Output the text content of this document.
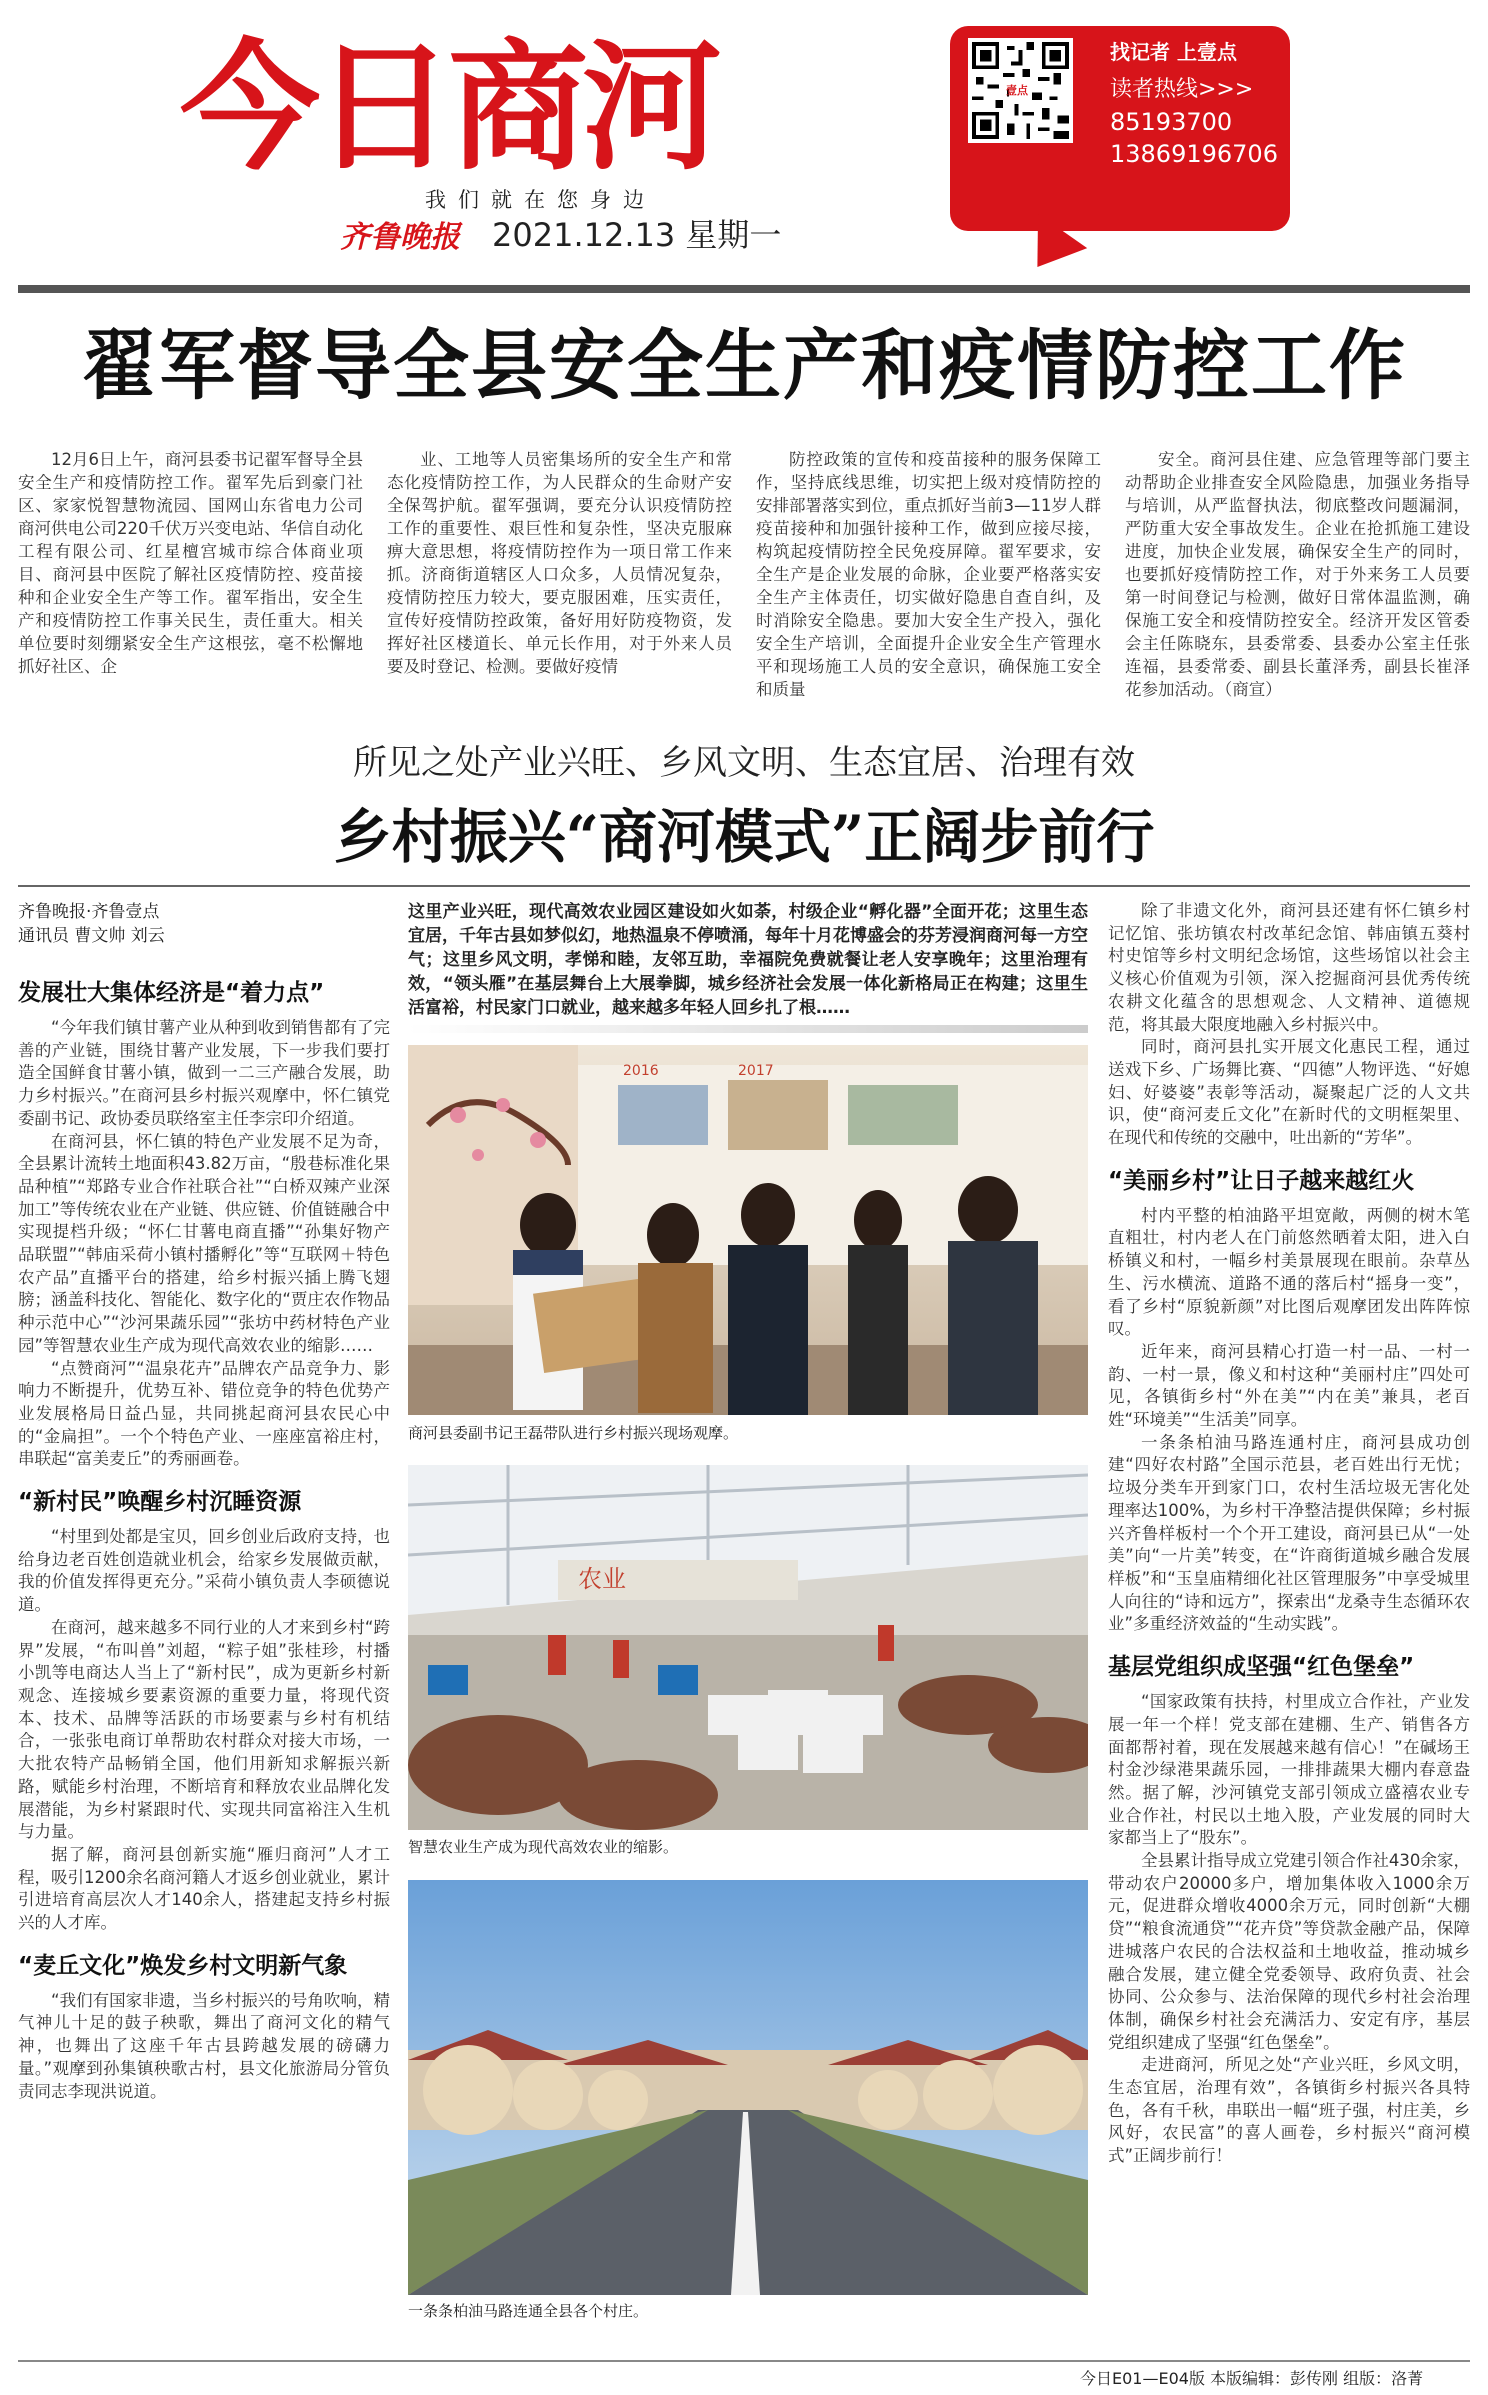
今日商河
我们就在您身边
齐鲁晚报 2021.12.13 星期一
壹点
找记者 上壹点
读者热线>>>
85193700
13869196706
翟军督导全县安全生产和疫情防控工作

12月6日上午，商河县委书记翟军督导全县安全生产和疫情防控工作。翟军先后到豪门社区、家家悦智慧物流园、国网山东省电力公司商河供电公司220千伏万兴变电站、华信自动化工程有限公司、红星檀宫城市综合体商业项目、商河县中医院了解社区疫情防控、疫苗接种和企业安全生产等工作。翟军指出，安全生产和疫情防控工作事关民生，责任重大。相关单位要时刻绷紧安全生产这根弦，毫不松懈地抓好社区、企

业、工地等人员密集场所的安全生产和常态化疫情防控工作，为人民群众的生命财产安全保驾护航。翟军强调，要充分认识疫情防控工作的重要性、艰巨性和复杂性，坚决克服麻痹大意思想，将疫情防控作为一项日常工作来抓。济商街道辖区人口众多，人员情况复杂，疫情防控压力较大，要克服困难，压实责任，宣传好疫情防控政策，备好用好防疫物资，发挥好社区楼道长、单元长作用，对于外来人员要及时登记、检测。要做好疫情

防控政策的宣传和疫苗接种的服务保障工作，坚持底线思维，切实把上级对疫情防控的安排部署落实到位，重点抓好当前3—11岁人群疫苗接种和加强针接种工作，做到应接尽接，构筑起疫情防控全民免疫屏障。翟军要求，安全生产是企业发展的命脉，企业要严格落实安全生产主体责任，切实做好隐患自查自纠，及时消除安全隐患。要加大安全生产投入，强化安全生产培训，全面提升企业安全生产管理水平和现场施工人员的安全意识，确保施工安全和质量

安全。商河县住建、应急管理等部门要主动帮助企业排查安全风险隐患，加强业务指导与培训，从严监督执法，彻底整改问题漏洞，严防重大安全事故发生。企业在抢抓施工建设进度，加快企业发展，确保安全生产的同时，也要抓好疫情防控工作，对于外来务工人员要第一时间登记与检测，做好日常体温监测，确保施工安全和疫情防控安全。经济开发区管委会主任陈晓东，县委常委、县委办公室主任张连福，县委常委、副县长董泽秀，副县长崔泽花参加活动。（商宣）

所见之处产业兴旺、乡风文明、生态宜居、治理有效
乡村振兴“商河模式”正阔步前行
齐鲁晚报·齐鲁壹点
通讯员 曹文帅 刘云
发展壮大集体经济是“着力点”

“今年我们镇甘薯产业从种到收到销售都有了完善的产业链，围绕甘薯产业发展，下一步我们要打造全国鲜食甘薯小镇，做到一二三产融合发展，助力乡村振兴。”在商河县乡村振兴观摩中，怀仁镇党委副书记、政协委员联络室主任李宗印介绍道。

在商河县，怀仁镇的特色产业发展不足为奇，全县累计流转土地面积43.82万亩，“殷巷标准化果品种植”“郑路专业合作社联合社”“白桥双辣产业深加工”等传统农业在产业链、供应链、价值链融合中实现提档升级；“怀仁甘薯电商直播”“孙集好物产品联盟”“韩庙采荷小镇村播孵化”等“互联网＋特色农产品”直播平台的搭建，给乡村振兴插上腾飞翅膀；涵盖科技化、智能化、数字化的“贾庄农作物品种示范中心”“沙河果蔬乐园”“张坊中药材特色产业园”等智慧农业生产成为现代高效农业的缩影……

“点赞商河”“温泉花卉”品牌农产品竞争力、影响力不断提升，优势互补、错位竞争的特色优势产业发展格局日益凸显，共同挑起商河县农民心中的“金扁担”。一个个特色产业、一座座富裕庄村，串联起“富美麦丘”的秀丽画卷。

“新村民”唤醒乡村沉睡资源

“村里到处都是宝贝，回乡创业后政府支持，也给身边老百姓创造就业机会，给家乡发展做贡献，我的价值发挥得更充分。”采荷小镇负责人李硕德说道。

在商河，越来越多不同行业的人才来到乡村“跨界”发展，“布叫兽”刘超，“粽子姐”张桂珍，村播小凯等电商达人当上了“新村民”，成为更新乡村新观念、连接城乡要素资源的重要力量，将现代资本、技术、品牌等活跃的市场要素与乡村有机结合，一张张电商订单帮助农村群众对接大市场，一大批农特产品畅销全国，他们用新知求解振兴新路，赋能乡村治理，不断培育和释放农业品牌化发展潜能，为乡村紧跟时代、实现共同富裕注入生机与力量。

据了解，商河县创新实施“雁归商河”人才工程，吸引1200余名商河籍人才返乡创业就业，累计引进培育高层次人才140余人，搭建起支持乡村振兴的人才库。

“麦丘文化”焕发乡村文明新气象

“我们有国家非遗，当乡村振兴的号角吹响，精气神儿十足的鼓子秧歌，舞出了商河文化的精气神，也舞出了这座千年古县跨越发展的磅礴力量。”观摩到孙集镇秧歌古村，县文化旅游局分管负责同志李现洪说道。

这里产业兴旺，现代高效农业园区建设如火如荼，村级企业“孵化器”全面开花；这里生态宜居，千年古县如梦似幻，地热温泉不停喷涌，每年十月花博盛会的芬芳浸润商河每一方空气；这里乡风文明，孝悌和睦，友邻互助，幸福院免费就餐让老人安享晚年；这里治理有效，“领头雁”在基层舞台上大展拳脚，城乡经济社会发展一体化新格局正在构建；这里生活富裕，村民家门口就业，越来越多年轻人回乡扎了根……
2016	2017
商河县委副书记王磊带队进行乡村振兴现场观摩。
农业
智慧农业生产成为现代高效农业的缩影。
一条条柏油马路连通全县各个村庄。

除了非遗文化外，商河县还建有怀仁镇乡村记忆馆、张坊镇农村改革纪念馆、韩庙镇五葵村村史馆等乡村文明纪念场馆，这些场馆以社会主义核心价值观为引领，深入挖掘商河县优秀传统农耕文化蕴含的思想观念、人文精神、道德规范，将其最大限度地融入乡村振兴中。

同时，商河县扎实开展文化惠民工程，通过送戏下乡、广场舞比赛、“四德”人物评选、“好媳妇、好婆婆”表彰等活动，凝聚起广泛的人文共识，使“商河麦丘文化”在新时代的文明框架里、在现代和传统的交融中，吐出新的“芳华”。

“美丽乡村”让日子越来越红火

村内平整的柏油路平坦宽敞，两侧的树木笔直粗壮，村内老人在门前悠然晒着太阳，进入白桥镇义和村，一幅乡村美景展现在眼前。杂草丛生、污水横流、道路不通的落后村“摇身一变”，看了乡村“原貌新颜”对比图后观摩团发出阵阵惊叹。

近年来，商河县精心打造一村一品、一村一韵、一村一景，像义和村这种“美丽村庄”四处可见，各镇街乡村“外在美”“内在美”兼具，老百姓“环境美”“生活美”同享。

一条条柏油马路连通村庄，商河县成功创建“四好农村路”全国示范县，老百姓出行无忧；垃圾分类车开到家门口，农村生活垃圾无害化处理率达100%，为乡村干净整洁提供保障；乡村振兴齐鲁样板村一个个开工建设，商河县已从“一处美”向“一片美”转变，在“许商街道城乡融合发展样板”和“玉皇庙精细化社区管理服务”中享受城里人向往的“诗和远方”，探索出“龙桑寺生态循环农业”多重经济效益的“生动实践”。

基层党组织成坚强“红色堡垒”

“国家政策有扶持，村里成立合作社，产业发展一年一个样！党支部在建棚、生产、销售各方面都帮衬着，现在发展越来越有信心！”在碱场王村金沙绿港果蔬乐园，一排排蔬果大棚内春意盎然。据了解，沙河镇党支部引领成立盛禧农业专业合作社，村民以土地入股，产业发展的同时大家都当上了“股东”。

全县累计指导成立党建引领合作社430余家，带动农户20000多户，增加集体收入1000余万元，促进群众增收4000余万元，同时创新“大棚贷”“粮食流通贷”“花卉贷”等贷款金融产品，保障进城落户农民的合法权益和土地收益，推动城乡融合发展，建立健全党委领导、政府负责、社会协同、公众参与、法治保障的现代乡村社会治理体制，确保乡村社会充满活力、安定有序，基层党组织建成了坚强“红色堡垒”。

走进商河，所见之处“产业兴旺，乡风文明，生态宜居，治理有效”，各镇街乡村振兴各具特色，各有千秋，串联出一幅“班子强，村庄美，乡风好，农民富”的喜人画卷，乡村振兴“商河模式”正阔步前行！

今日E01—E04版 本版编辑：彭传刚 组版：洛菁
